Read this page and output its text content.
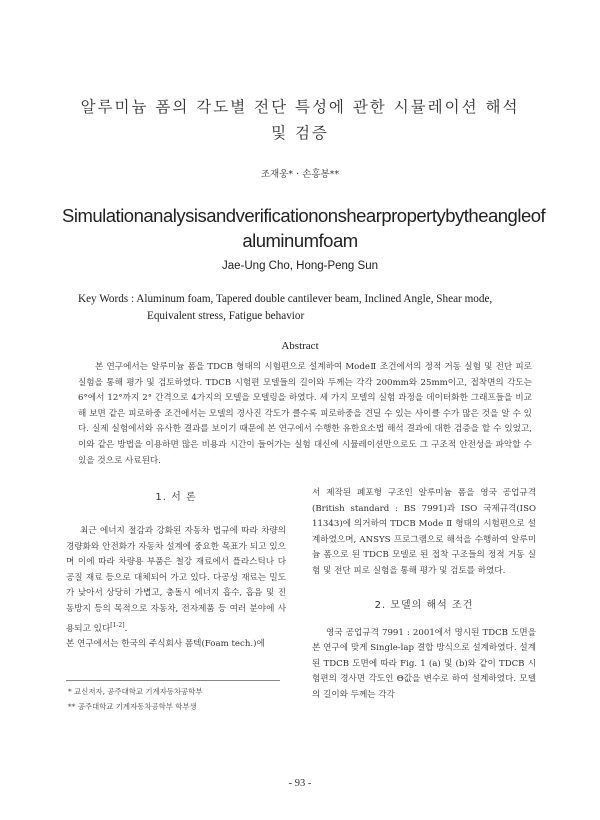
알루미늄 폼의 각도별 전단 특성에 관한 시뮬레이션 해석
및 검증
조재웅* · 손홍봉**
Simulationanalysisandverificationonshearpropertybytheangleof
aluminumfoam
Jae-Ung Cho, Hong-Peng Sun
Key Words : Aluminum foam, Tapered double cantilever beam, Inclined Angle, Shear mode,
Equivalent stress, Fatigue behavior
Abstract
본 연구에서는 알루미늄 폼을 TDCB 형태의 시험편으로 설계하여 ModeⅡ 조건에서의 정적 거동 실험 및 전단 피로 실험을 통해 평가 및 검토하였다. TDCB 시험편 모델들의 길이와 두께는 각각 200mm와 25mm이고, 접착면의 각도는 6°에서 12°까지 2° 간격으로 4가지의 모델을 모델링을 하였다. 세 가지 모델의 실험 과정을 데이터화한 그래프들을 비교해 보면 같은 피로하중 조건에서는 모델의 경사진 각도가 클수록 피로하중을 견딜 수 있는 사이클 수가 많은 것을 알 수 있다. 실제 실험에서와 유사한 결과를 보이기 때문에 본 연구에서 수행한 유한요소법 해석 결과에 대한 검증을 할 수 있었고, 이와 같은 방법을 이용하면 많은 비용과 시간이 들어가는 실험 대신에 시뮬레이션만으로도 그 구조적 안전성을 파악할 수 있을 것으로 사료된다.
1. 서 론

최근 에너지 절감과 강화된 자동차 법규에 따라 차량의 경량화와 안전화가 자동차 설계에 중요한 목표가 되고 있으며 이에 따라 차량용 부품은 철강 재료에서 플라스틱나 다공질 재료 등으로 대체되어 가고 있다. 다공성 재료는 밀도가 낮아서 상당히 가볍고, 충돌시 에너지 흡수, 흡음 및 진동방지 등의 목적으로 자동차, 전자제품 등 여러 분야에 사용되고 있다[1-2].

본 연구에서는 한국의 주식회사 폼텍(Foam tech.)에

서 제작된 폐포형 구조인 알루미늄 폼을 영국 공업규격(British standard : BS 7991)과 ISO 국제규격(ISO 11343)에 의거하여 TDCB Mode Ⅱ 형태의 시험편으로 설계하였으며, ANSYS 프로그램으로 해석을 수행하여 알루미늄 폼으로 된 TDCB 모델로 된 접착 구조들의 정적 거동 실험 및 전단 피로 실험을 통해 평가 및 검토를 하였다.
2. 모델의 해석 조건
영국 공업규격 7991 : 2001에서 명시된 TDCB 도면을 본 연구에 맞게 Single-lap 결합 방식으로 설계하였다. 설계된 TDCB 도면에 따라 Fig. 1 (a) 및 (b)와 같이 TDCB 시험편의 경사면 각도인 Θ값을 변수로 하여 설계하였다. 모델의 길이와 두께는 각각
* 교신저자, 공주대학교 기계자동차공학부
** 공주대학교 기계자동차공학부 학부생
- 93 -
